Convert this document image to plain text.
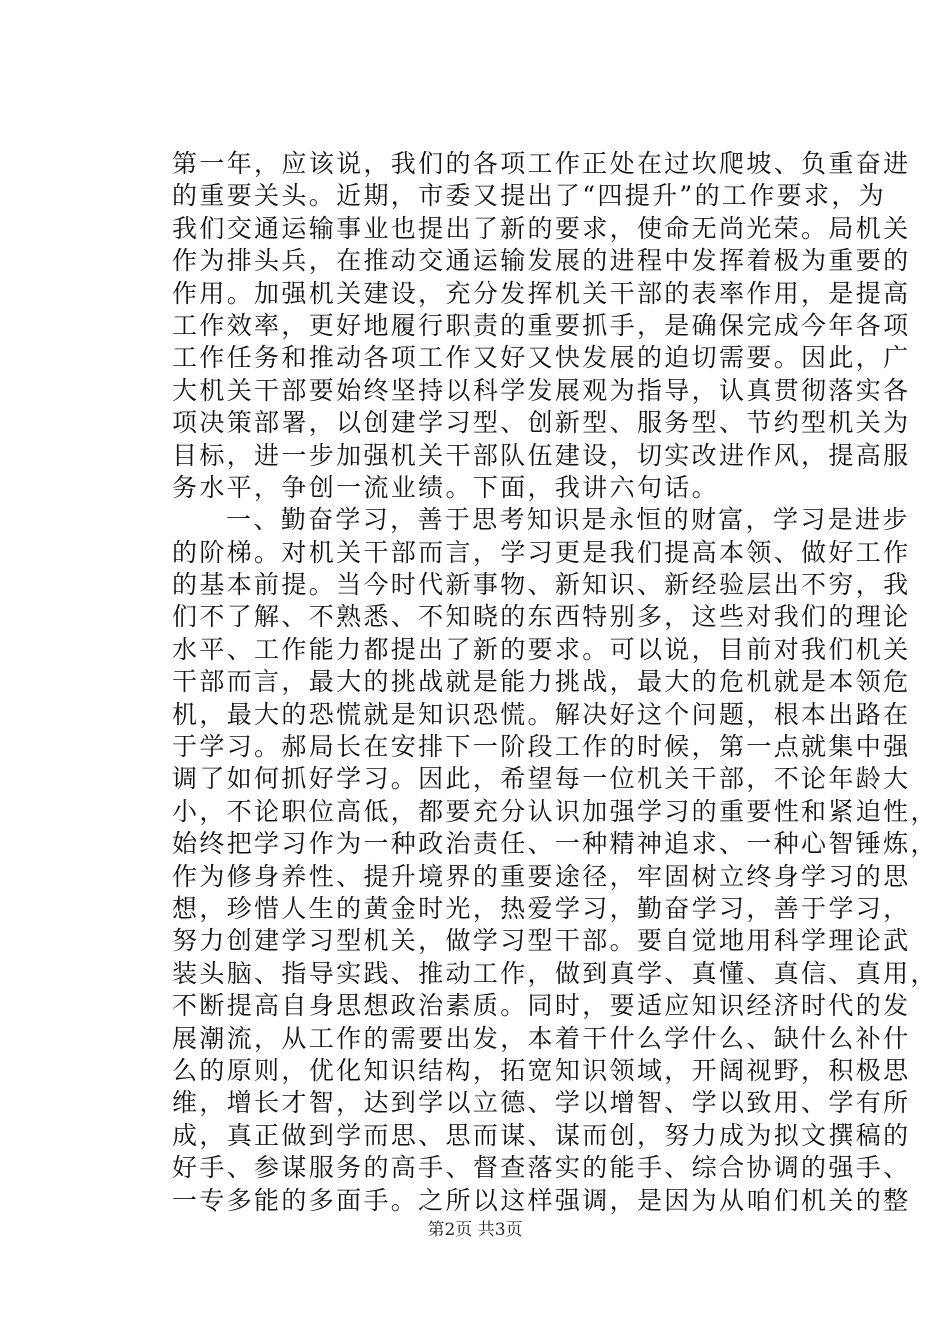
第一年，应该说，我们的各项工作正处在过坎爬坡、负重奋进
的重要关头。近期，市委又提出了“四提升”的工作要求，为
我们交通运输事业也提出了新的要求，使命无尚光荣。局机关
作为排头兵，在推动交通运输发展的进程中发挥着极为重要的
作用。加强机关建设，充分发挥机关干部的表率作用，是提高
工作效率，更好地履行职责的重要抓手，是确保完成今年各项
工作任务和推动各项工作又好又快发展的迫切需要。因此，广
大机关干部要始终坚持以科学发展观为指导，认真贯彻落实各
项决策部署，以创建学习型、创新型、服务型、节约型机关为
目标，进一步加强机关干部队伍建设，切实改进作风，提高服
务水平，争创一流业绩。下面，我讲六句话。
一、勤奋学习，善于思考知识是永恒的财富，学习是进步
的阶梯。对机关干部而言，学习更是我们提高本领、做好工作
的基本前提。当今时代新事物、新知识、新经验层出不穷，我
们不了解、不熟悉、不知晓的东西特别多，这些对我们的理论
水平、工作能力都提出了新的要求。可以说，目前对我们机关
干部而言，最大的挑战就是能力挑战，最大的危机就是本领危
机，最大的恐慌就是知识恐慌。解决好这个问题，根本出路在
于学习。郝局长在安排下一阶段工作的时候，第一点就集中强
调了如何抓好学习。因此，希望每一位机关干部，不论年龄大
小，不论职位高低，都要充分认识加强学习的重要性和紧迫性，
始终把学习作为一种政治责任、一种精神追求、一种心智锤炼，
作为修身养性、提升境界的重要途径，牢固树立终身学习的思
想，珍惜人生的黄金时光，热爱学习，勤奋学习，善于学习，
努力创建学习型机关，做学习型干部。要自觉地用科学理论武
装头脑、指导实践、推动工作，做到真学、真懂、真信、真用，
不断提高自身思想政治素质。同时，要适应知识经济时代的发
展潮流，从工作的需要出发，本着干什么学什么、缺什么补什
么的原则，优化知识结构，拓宽知识领域，开阔视野，积极思
维，增长才智，达到学以立德、学以增智、学以致用、学有所
成，真正做到学而思、思而谋、谋而创，努力成为拟文撰稿的
好手、参谋服务的高手、督查落实的能手、综合协调的强手、
一专多能的多面手。之所以这样强调，是因为从咱们机关的整
第2页 共3页
